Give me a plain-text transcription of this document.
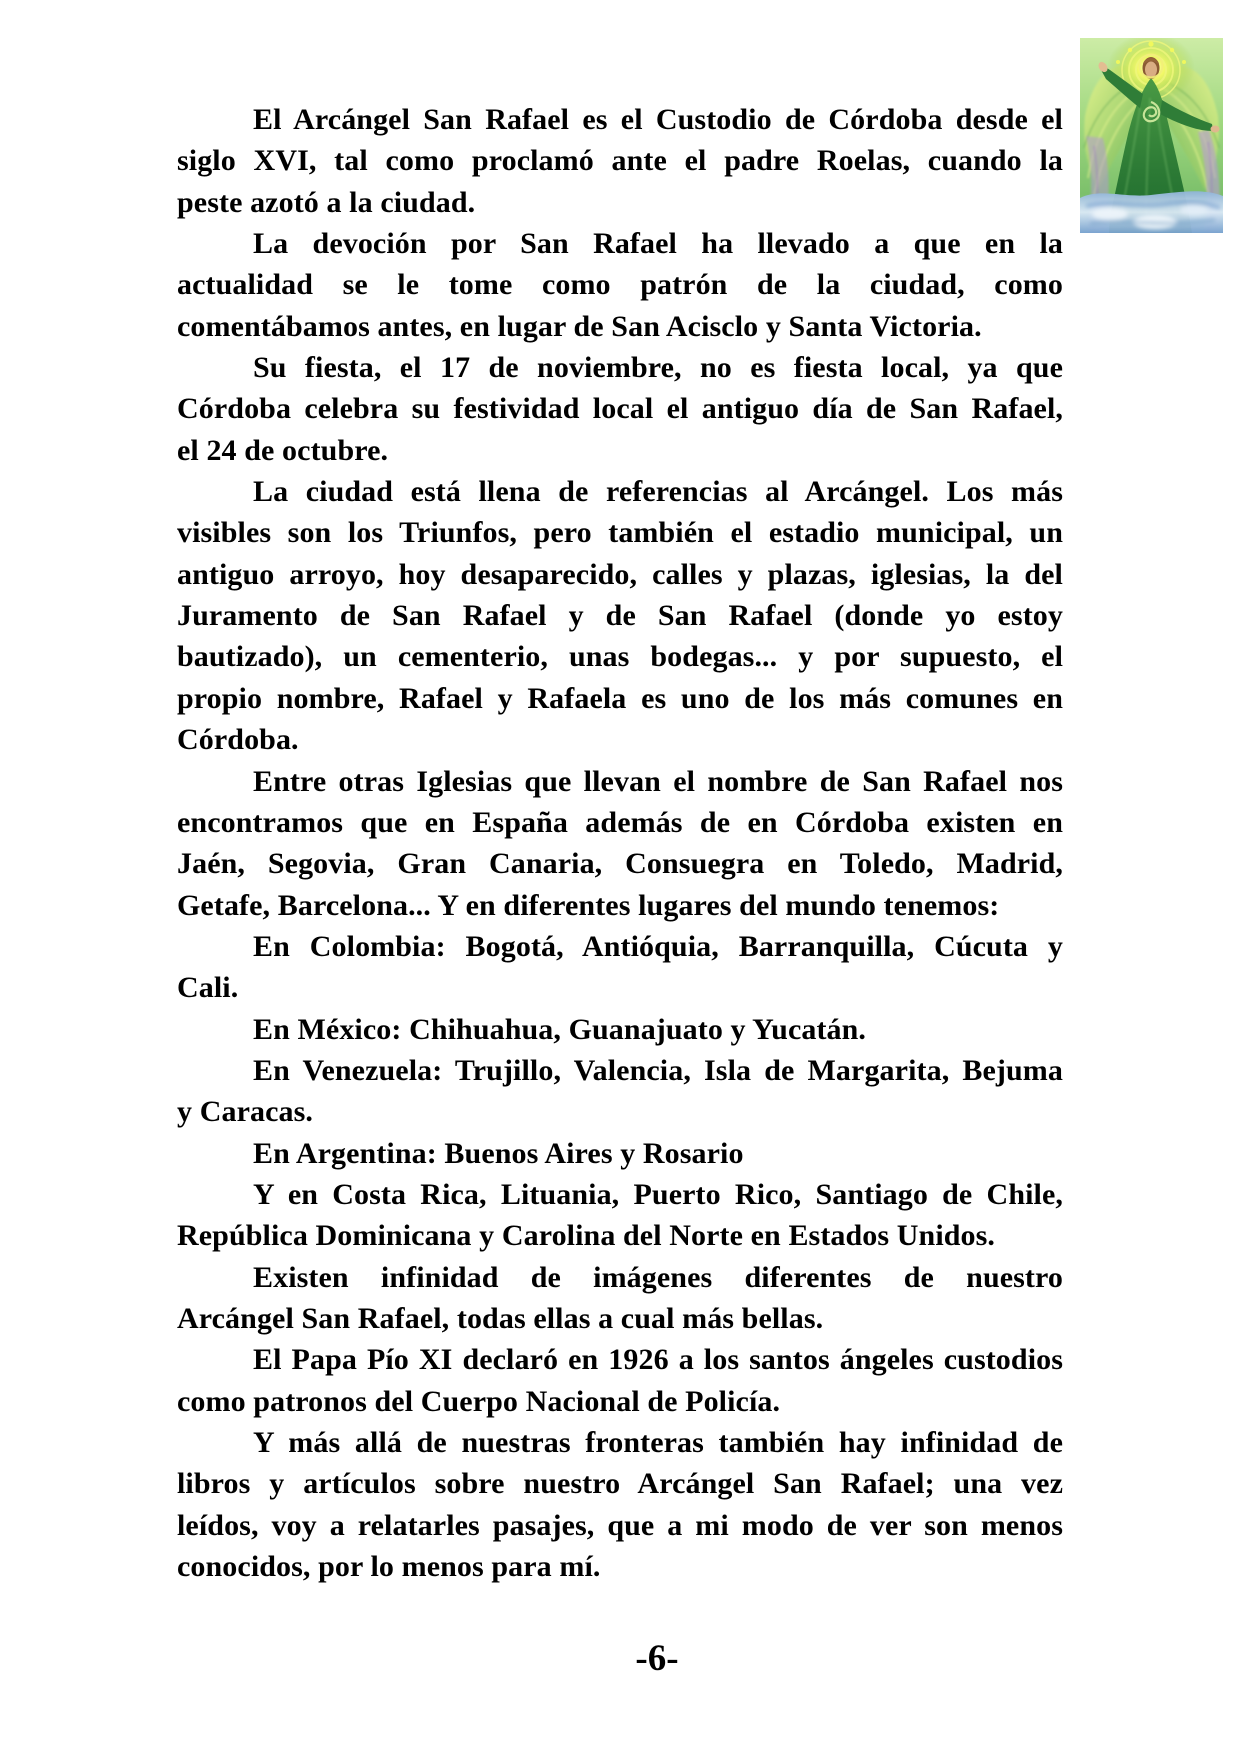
El Arcángel San Rafael es el Custodio de Córdoba desde el
siglo XVI, tal como proclamó ante el padre Roelas, cuando la
peste azotó a la ciudad.
La devoción por San Rafael ha llevado a que en la
actualidad se le tome como patrón de la ciudad, como
comentábamos antes, en lugar de San Acisclo y Santa Victoria.
Su fiesta, el 17 de noviembre, no es fiesta local, ya que
Córdoba celebra su festividad local el antiguo día de San Rafael,
el 24 de octubre.
La ciudad está llena de referencias al Arcángel. Los más
visibles son los Triunfos, pero también el estadio municipal, un
antiguo arroyo, hoy desaparecido, calles y plazas, iglesias, la del
Juramento de San Rafael y de San Rafael (donde yo estoy
bautizado), un cementerio, unas bodegas... y por supuesto, el
propio nombre, Rafael y Rafaela es uno de los más comunes en
Córdoba.
Entre otras Iglesias que llevan el nombre de San Rafael nos
encontramos que en España además de en Córdoba existen en
Jaén, Segovia, Gran Canaria, Consuegra en Toledo, Madrid,
Getafe, Barcelona... Y en diferentes lugares del mundo tenemos:
En Colombia: Bogotá, Antióquia, Barranquilla, Cúcuta y
Cali.
En México: Chihuahua, Guanajuato y Yucatán.
En Venezuela: Trujillo, Valencia, Isla de Margarita, Bejuma
y Caracas.
En Argentina: Buenos Aires y Rosario
Y en Costa Rica, Lituania, Puerto Rico, Santiago de Chile,
República Dominicana y Carolina del Norte en Estados Unidos.
Existen infinidad de imágenes diferentes de nuestro
Arcángel San Rafael, todas ellas a cual más bellas.
El Papa Pío XI declaró en 1926 a los santos ángeles custodios
como patronos del Cuerpo Nacional de Policía.
Y más allá de nuestras fronteras también hay infinidad de
libros y artículos sobre nuestro Arcángel San Rafael; una vez
leídos, voy a relatarles pasajes, que a mi modo de ver son menos
conocidos, por lo menos para mí.
-6-
